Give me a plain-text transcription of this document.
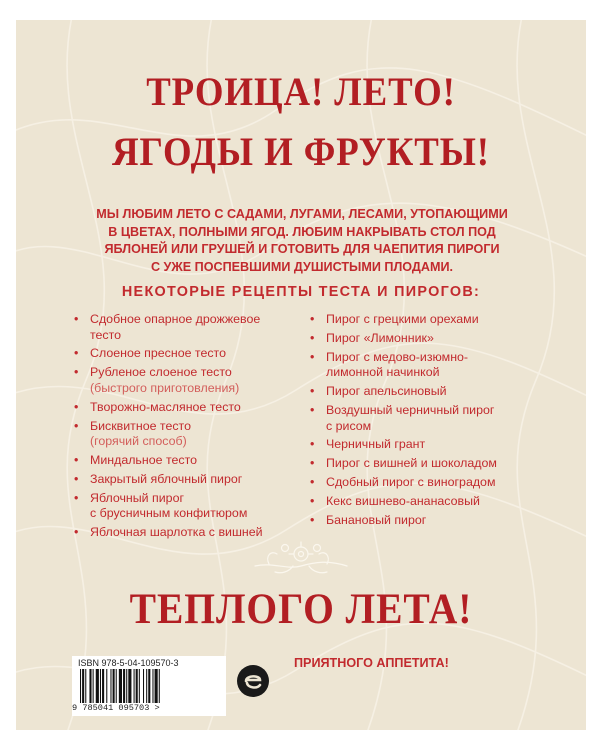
ТРОИЦА! ЛЕТО!
ЯГОДЫ И ФРУКТЫ!
МЫ ЛЮБИМ ЛЕТО С САДАМИ, ЛУГАМИ, ЛЕСАМИ, УТОПАЮЩИМИ
В ЦВЕТАХ, ПОЛНЫМИ ЯГОД. ЛЮБИМ НАКРЫВАТЬ СТОЛ ПОД
ЯБЛОНЕЙ ИЛИ ГРУШЕЙ И ГОТОВИТЬ ДЛЯ ЧАЕПИТИЯ ПИРОГИ
С УЖЕ ПОСПЕВШИМИ ДУШИСТЫМИ ПЛОДАМИ.
НЕКОТОРЫЕ РЕЦЕПТЫ ТЕСТА И ПИРОГОВ:
• Сдобное опарное дрожжевое
тесто
• Слоеное пресное тесто
• Рубленое слоеное тесто
(быстрого приготовления)
• Творожно-масляное тесто
• Бисквитное тесто
(горячий способ)
• Миндальное тесто
• Закрытый яблочный пирог
• Яблочный пирог
с брусничным конфитюром
• Яблочная шарлотка с вишней
• Пирог с грецкими орехами
• Пирог «Лимонник»
• Пирог с медово-изюмно-
лимонной начинкой
• Пирог апельсиновый
• Воздушный черничный пирог
с рисом
• Черничный грант
• Пирог с вишней и шоколадом
• Сдобный пирог с виноградом
• Кекс вишнево-ананасовый
• Банановый пирог
ТЕПЛОГО ЛЕТА!
ПРИЯТНОГО АППЕТИТА!
ISBN 978-5-04-109570-3
9 785041 095703 >
